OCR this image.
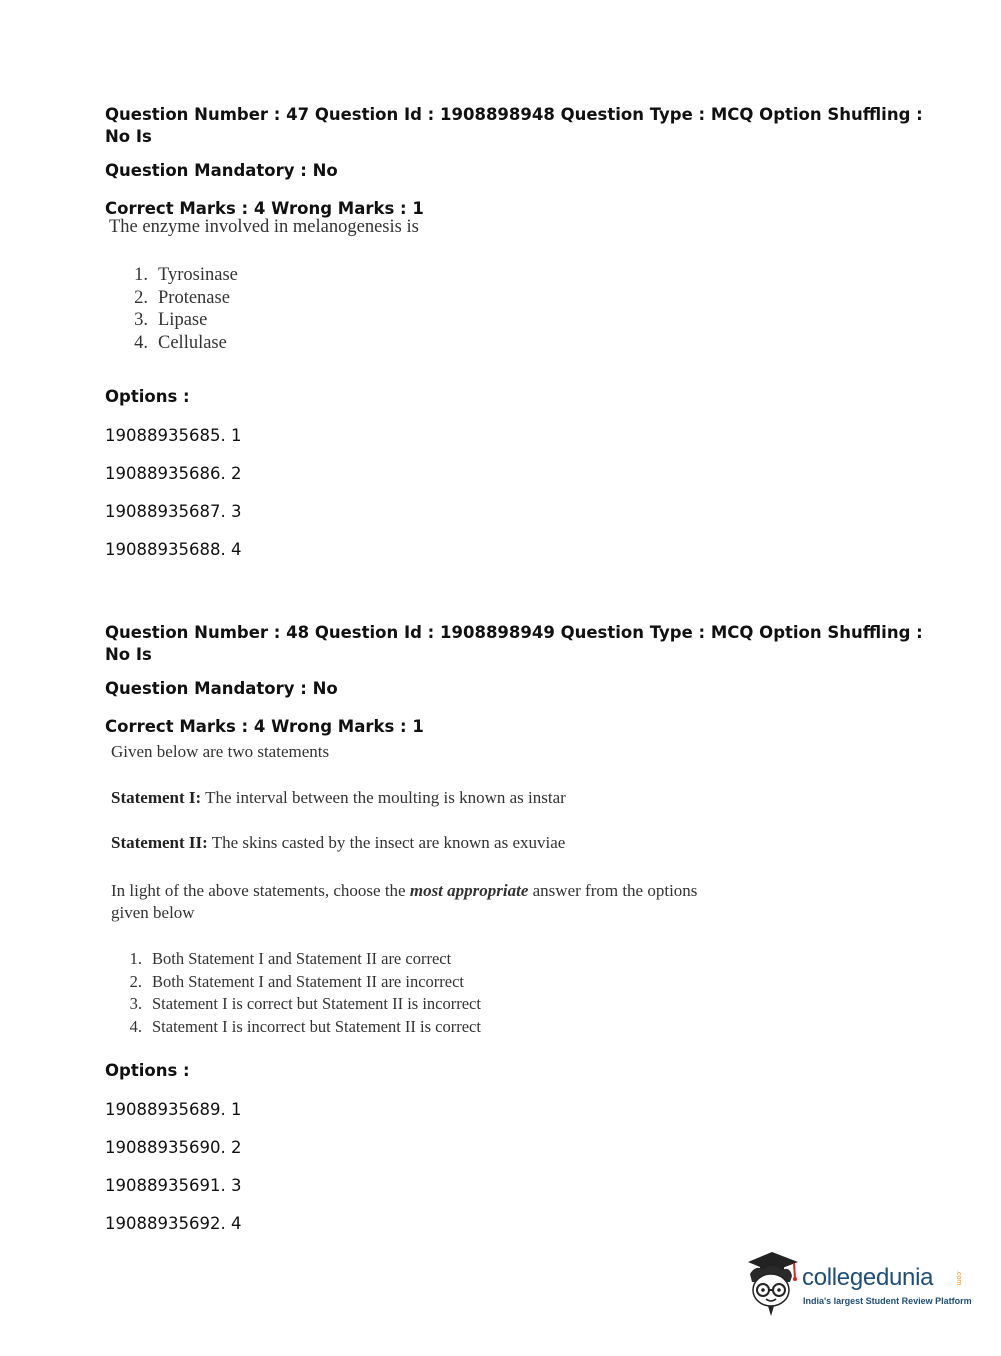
Question Number : 47 Question Id : 1908898948 Question Type : MCQ Option Shuffling : No Is

Question Mandatory : No

Correct Marks : 4 Wrong Marks : 1

The enzyme involved in melanogenesis is
1. Tyrosinase
2. Protenase
3. Lipase
4. Cellulase
Options :
19088935685. 1
19088935686. 2
19088935687. 3
19088935688. 4

Question Number : 48 Question Id : 1908898949 Question Type : MCQ Option Shuffling : No Is

Question Mandatory : No

Correct Marks : 4 Wrong Marks : 1

Given below are two statements
Statement I: The interval between the moulting is known as instar
Statement II: The skins casted by the insect are known as exuviae
In light of the above statements, choose the most appropriate answer from the options given below
1. Both Statement I and Statement II are correct
2. Both Statement I and Statement II are incorrect
3. Statement I is correct but Statement II is incorrect
4. Statement I is incorrect but Statement II is correct
Options :
19088935689. 1
19088935690. 2
19088935691. 3
19088935692. 4
collegedunia	.com
India's largest Student Review Platform
